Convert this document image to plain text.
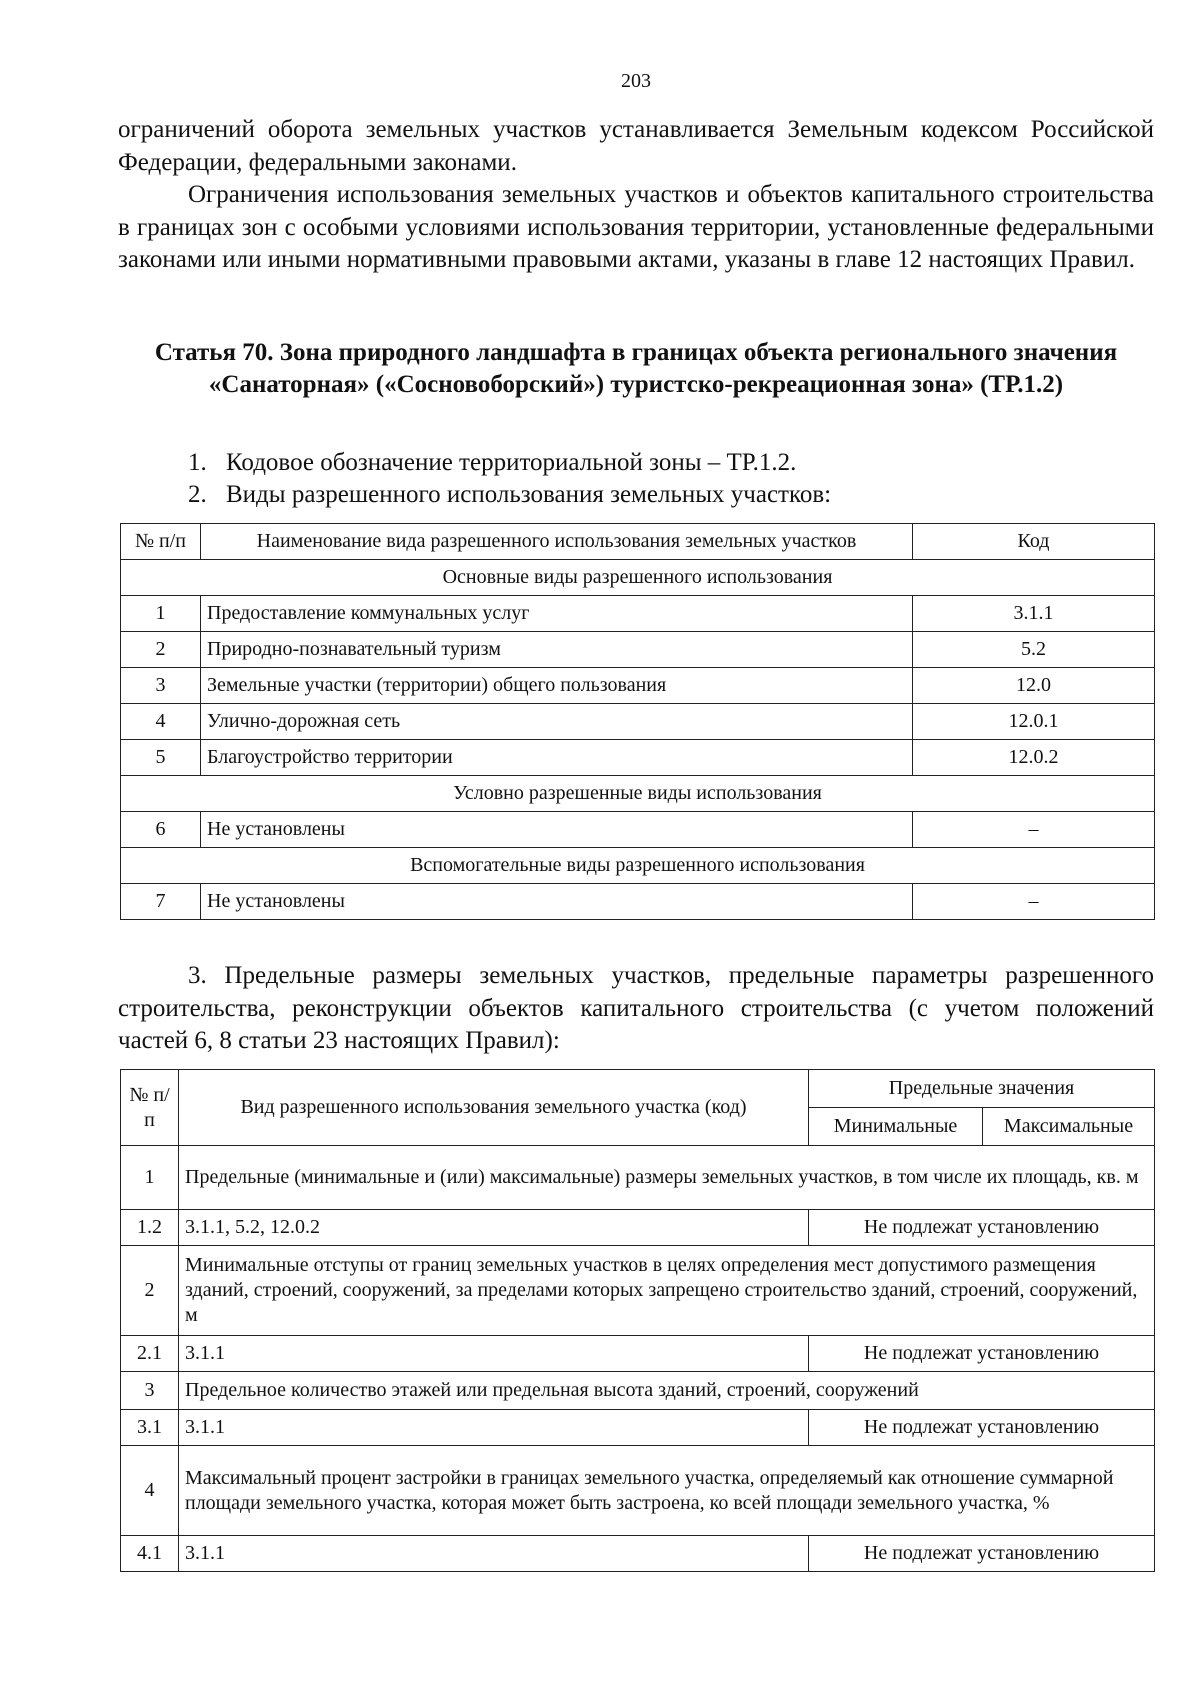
203

ограничений оборота земельных участков устанавливается Земельным кодексом Российской Федерации, федеральными законами.

Ограничения использования земельных участков и объектов капитального строительства в границах зон с особыми условиями использования территории, установленные федеральными законами или иными нормативными правовыми актами, указаны в главе 12 настоящих Правил.

Статья 70. Зона природного ландшафта в границах объекта регионального значения «Санаторная» («Сосновоборский») туристско-рекреационная зона» (ТР.1.2)
1. Кодовое обозначение территориальной зоны – ТР.1.2.
2. Виды разрешенного использования земельных участков:
№ п/п	Наименование вида разрешенного использования земельных участков	Код
Основные виды разрешенного использования		
1	Предоставление коммунальных услуг	3.1.1
2	Природно-познавательный туризм	5.2
3	Земельные участки (территории) общего пользования	12.0
4	Улично-дорожная сеть	12.0.1
5	Благоустройство территории	12.0.2
Условно разрешенные виды использования		
6	Не установлены	–
Вспомогательные виды разрешенного использования		
7	Не установлены	–

3. Предельные размеры земельных участков, предельные параметры разрешенного строительства, реконструкции объектов капитального строительства (с учетом положений частей 6, 8 статьи 23 настоящих Правил):

№ п/п	Вид разрешенного использования земельного участка (код)	Предельные значения	
		Минимальные	Максимальные
1	Предельные (минимальные и (или) максимальные) размеры земельных участков, в том числе их площадь, кв. м		
1.2	3.1.1, 5.2, 12.0.2	Не подлежат установлению	
2	Минимальные отступы от границ земельных участков в целях определения мест допустимого размещения зданий, строений, сооружений, за пределами которых запрещено строительство зданий, строений, сооружений, м		
2.1	3.1.1	Не подлежат установлению	
3	Предельное количество этажей или предельная высота зданий, строений, сооружений		
3.1	3.1.1	Не подлежат установлению	
4	Максимальный процент застройки в границах земельного участка, определяемый как отношение суммарной площади земельного участка, которая может быть застроена, ко всей площади земельного участка, %		
4.1	3.1.1	Не подлежат установлению	
